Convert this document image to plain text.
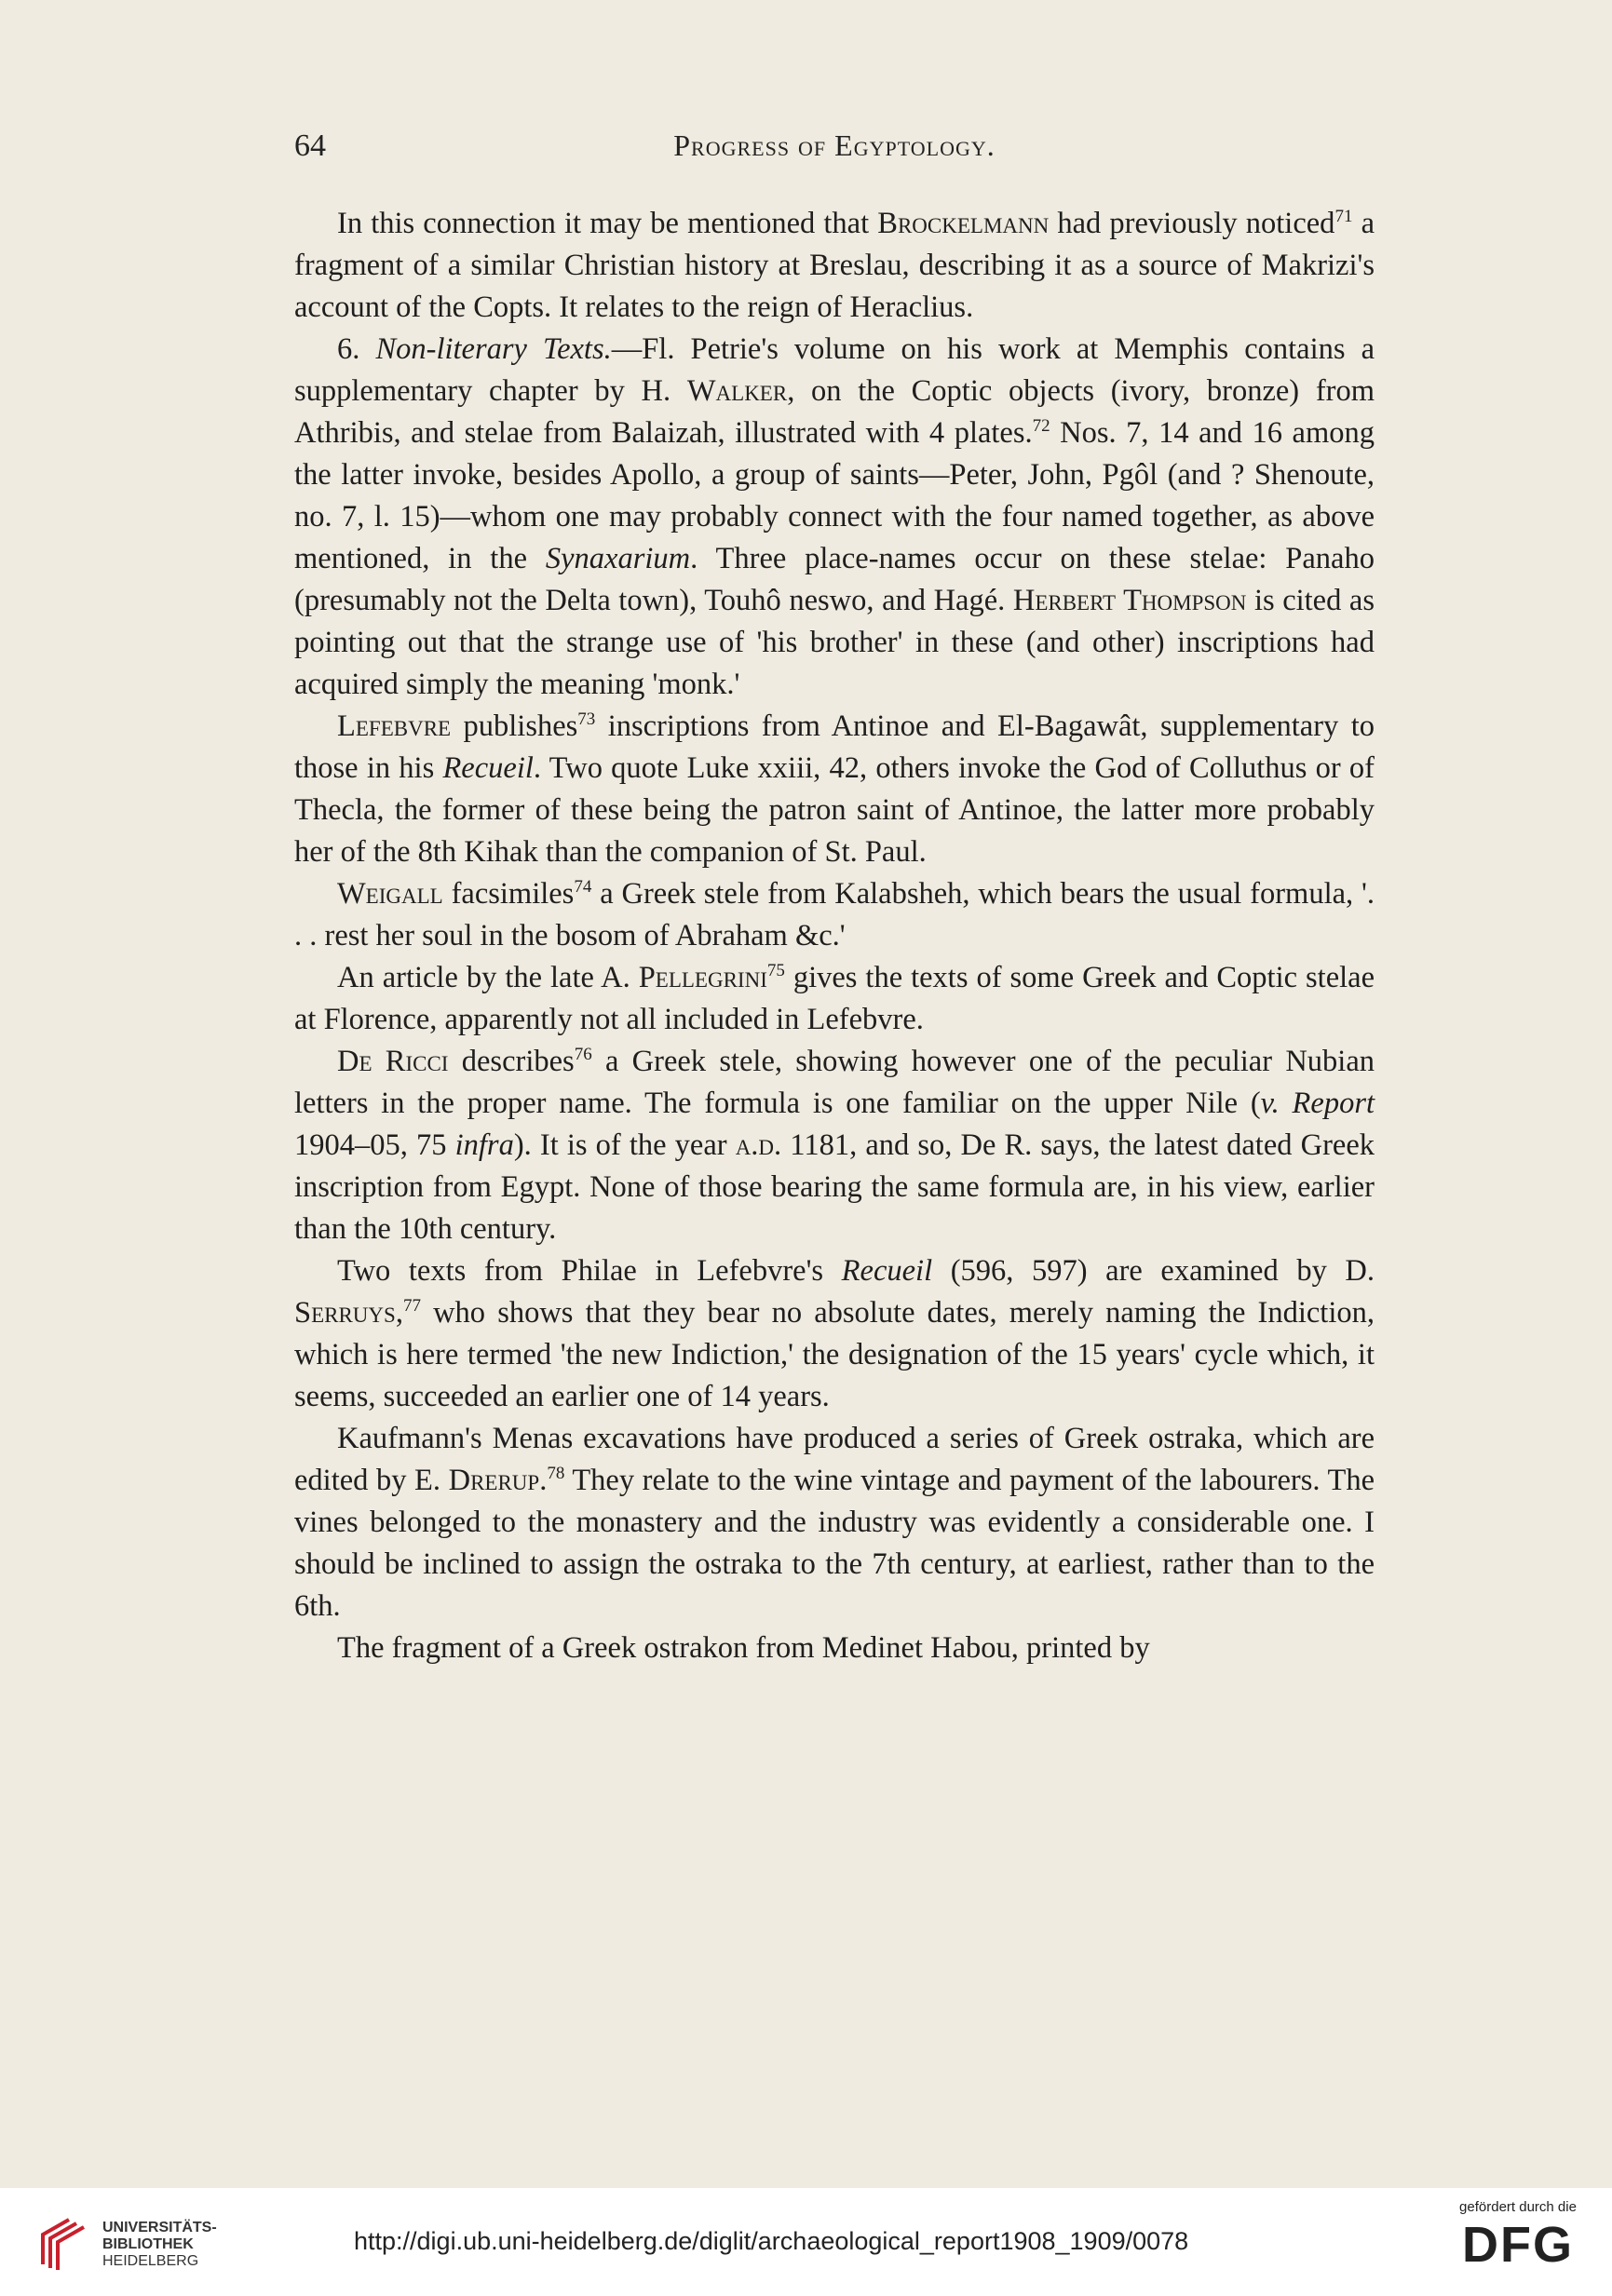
64	Progress of Egyptology.

In this connection it may be mentioned that Brockelmann had previously noticed$^{71}$ a fragment of a similar Christian history at Breslau, describing it as a source of Makrizi's account of the Copts. It relates to the reign of Heraclius.

6. Non-literary Texts.—Fl. Petrie's volume on his work at Memphis contains a supplementary chapter by H. Walker, on the Coptic objects (ivory, bronze) from Athribis, and stelae from Balaizah, illustrated with 4 plates.$^{72}$ Nos. 7, 14 and 16 among the latter invoke, besides Apollo, a group of saints—Peter, John, Pgôl (and ? Shenoute, no. 7, l. 15)—whom one may probably connect with the four named together, as above mentioned, in the Synaxarium. Three place-names occur on these stelae: Panaho (presumably not the Delta town), Touhô neswo, and Hagé. Herbert Thompson is cited as pointing out that the strange use of 'his brother' in these (and other) inscriptions had acquired simply the meaning 'monk.'

Lefebvre publishes$^{73}$ inscriptions from Antinoe and El-Bagawât, supplementary to those in his Recueil. Two quote Luke xxiii, 42, others invoke the God of Colluthus or of Thecla, the former of these being the patron saint of Antinoe, the latter more probably her of the 8th Kihak than the companion of St. Paul.

Weigall facsimiles$^{74}$ a Greek stele from Kalabsheh, which bears the usual formula, '. . . rest her soul in the bosom of Abraham &c.'

An article by the late A. Pellegrini$^{75}$ gives the texts of some Greek and Coptic stelae at Florence, apparently not all included in Lefebvre.

De Ricci describes$^{76}$ a Greek stele, showing however one of the peculiar Nubian letters in the proper name. The formula is one familiar on the upper Nile (v. Report 1904–05, 75 infra). It is of the year a.d. 1181, and so, De R. says, the latest dated Greek inscription from Egypt. None of those bearing the same formula are, in his view, earlier than the 10th century.

Two texts from Philae in Lefebvre's Recueil (596, 597) are examined by D. Serruys,$^{77}$ who shows that they bear no absolute dates, merely naming the Indiction, which is here termed 'the new Indiction,' the designation of the 15 years' cycle which, it seems, succeeded an earlier one of 14 years.

Kaufmann's Menas excavations have produced a series of Greek ostraka, which are edited by E. Drerup.$^{78}$ They relate to the wine vintage and payment of the labourers. The vines belonged to the monastery and the industry was evidently a considerable one. I should be inclined to assign the ostraka to the 7th century, at earliest, rather than to the 6th.

The fragment of a Greek ostrakon from Medinet Habou, printed by

UNIVERSITÄTS-
BIBLIOTHEK
HEIDELBERG
http://digi.ub.uni-heidelberg.de/diglit/archaeological_report1908_1909/0078
gefördert durch die
DFG
